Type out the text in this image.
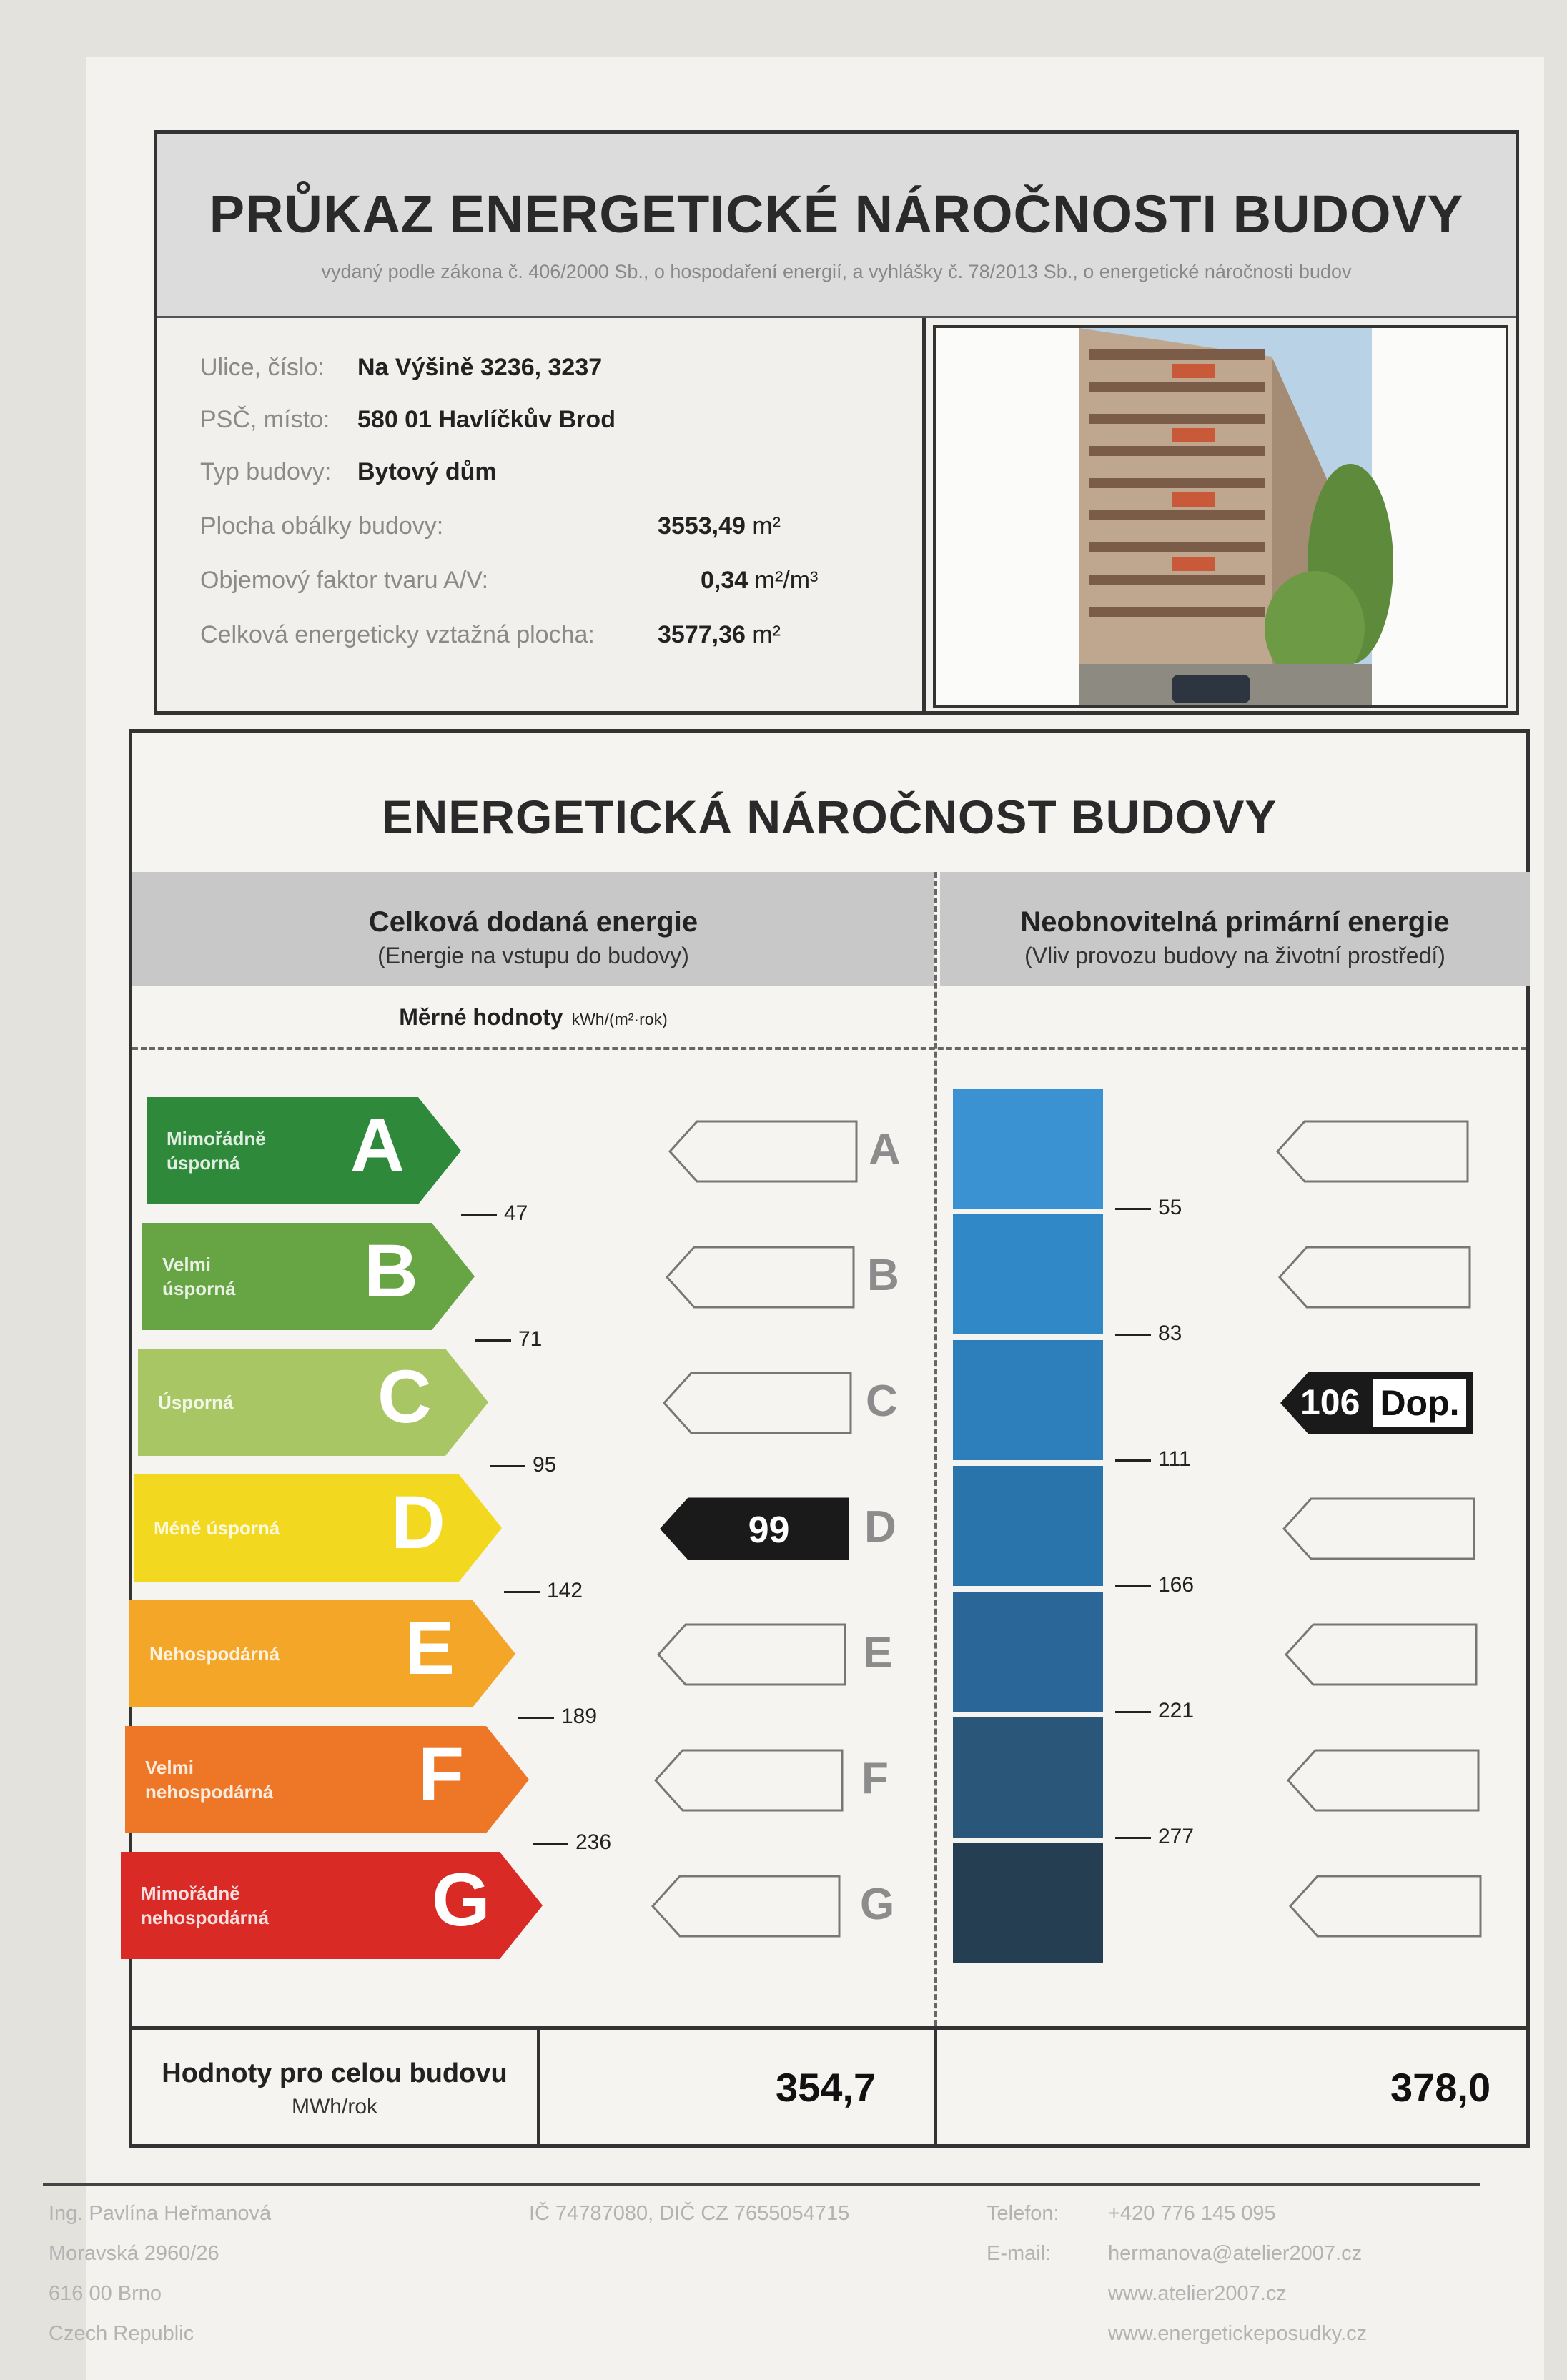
PRŮKAZ ENERGETICKÉ NÁROČNOSTI BUDOVY
vydaný podle zákona č. 406/2000 Sb., o hospodaření energií, a vyhlášky č. 78/2013 Sb., o energetické náročnosti budov
Ulice, číslo: Na Výšině 3236, 3237
PSČ, místo: 580 01 Havlíčkův Brod
Typ budovy: Bytový dům
Plocha obálky budovy:	3553,49 m²
Objemový faktor tvaru A/V:	0,34 m²/m³
Celková energeticky vztažná plocha:	3577,36 m²
ENERGETICKÁ NÁROČNOST BUDOVY
Celková dodaná energie
(Energie na vstupu do budovy)
Neobnovitelná primární energie
(Vliv provozu budovy na životní prostředí)
Měrné hodnoty kWh/(m²·rok)
Mimořádně
úsporná	A	A
Velmi
úsporná B	B
Úsporná C	C	106 Dop.
Méně úsporná D	99	D
Nehospodárná E	E
Velmi
nehospodárná F	F
Mimořádně
nehospodárná G	G
47
71
95
142
189
236
55
83
111
166
221
277
Hodnoty pro celou budovu
MWh/rok	354,7	378,0
Ing. Pavlína Heřmanová
Moravská 2960/26
616 00 Brno
Czech Republic
IČ 74787080, DIČ CZ 7655054715	Telefon: +420 776 145 095
E-mail:	hermanova@atelier2007.cz
www.atelier2007.cz
www.energetickeposudky.cz
